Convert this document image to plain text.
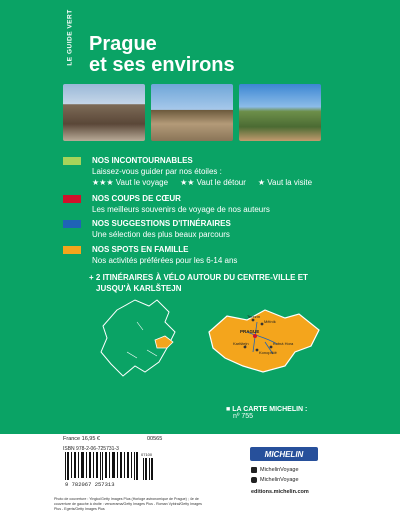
LE GUIDE VERT Prague
et ses environs
NOS INCONTOURNABLES
Laissez-vous guider par nos étoiles :
★★★ Vaut le voyage ★★ Vaut le détour ★ Vaut la visite
NOS COUPS DE CŒUR
Les meilleurs souvenirs de voyage de nos auteurs
NOS SUGGESTIONS D'ITINÉRAIRES
Une sélection des plus beaux parcours
NOS SPOTS EN FAMILLE
Nos activités préférées pour les 6-14 ans
+ 2 ITINÉRAIRES À VÉLO AUTOUR DU CENTRE-VILLE ET
JUSQU'À KARLŠTEJN
Terezín
Mělník
PRAGUE
Konopiště
Karlštejn	Kutná Hora
■ LA CARTE MICHELIN :
nº 755
France 16,95 €	00565
ISBN 978-2-06-725731-3
9 782067 257313
07100
Photo de couverture : Yingko/Getty Images Plus (Horloge astronomique de Prague) ; 4e de couverture de gauche à droite : vencerama/Getty Images Plus - Roman Vybiral/Getty Images Plus - Egeris/Getty Images Plus
MICHELIN
MichelinVoyage
MichelinVoyage
editions.michelin.com
